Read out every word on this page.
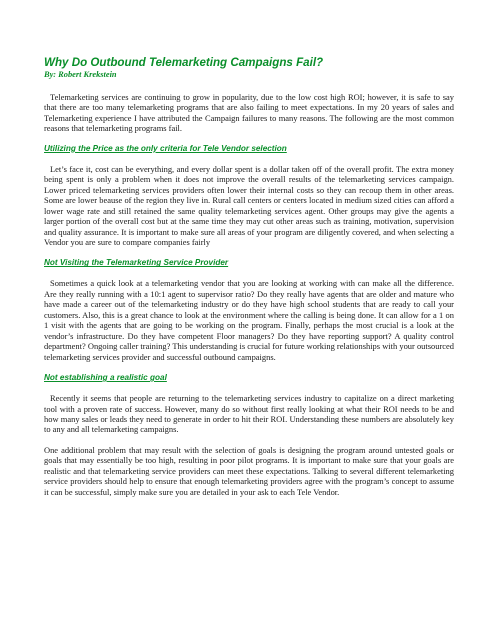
Why Do Outbound Telemarketing Campaigns Fail?
By: Robert Krekstein

Telemarketing services are continuing to grow in popularity, due to the low cost high ROI; however, it is safe to say that there are too many telemarketing programs that are also failing to meet expectations. In my 20 years of sales and Telemarketing experience I have attributed the Campaign failures to many reasons. The following are the most common reasons that telemarketing programs fail.

Utilizing the Price as the only criteria for Tele Vendor selection

Let’s face it, cost can be everything, and every dollar spent is a dollar taken off of the overall profit. The extra money being spent is only a problem when it does not improve the overall results of the telemarketing services campaign. Lower priced telemarketing services providers often lower their internal costs so they can recoup them in other areas. Some are lower beause of the region they live in. Rural call centers or centers located in medium sized cities can afford a lower wage rate and still retained the same quality telemarketing services agent. Other groups may give the agents a larger portion of the overall cost but at the same time they may cut other areas such as training, motivation, supervision and quality assurance. It is important to make sure all areas of your program are diligently covered, and when selecting a Vendor you are sure to compare companies fairly

Not Visiting the Telemarketing Service Provider

Sometimes a quick look at a telemarketing vendor that you are looking at working with can make all the difference. Are they really running with a 10:1 agent to supervisor ratio? Do they really have agents that are older and mature who have made a career out of the telemarketing industry or do they have high school students that are ready to call your customers. Also, this is a great chance to look at the environment where the calling is being done. It can allow for a 1 on 1 visit with the agents that are going to be working on the program. Finally, perhaps the most crucial is a look at the vendor’s infrastructure. Do they have competent Floor managers? Do they have reporting support? A quality control department? Ongoing caller training? This understanding is crucial for future working relationships with your outsourced telemarketing services provider and successful outbound campaigns.

Not establishing a realistic goal

Recently it seems that people are returning to the telemarketing services industry to capitalize on a direct marketing tool with a proven rate of success. However, many do so without first really looking at what their ROI needs to be and how many sales or leads they need to generate in order to hit their ROI. Understanding these numbers are absolutely key to any and all telemarketing campaigns.

One additional problem that may result with the selection of goals is designing the program around untested goals or goals that may essentially be too high, resulting in poor pilot programs. It is important to make sure that your goals are realistic and that telemarketing service providers can meet these expectations. Talking to several different telemarketing service providers should help to ensure that enough telemarketing providers agree with the program’s concept to assume it can be successful, simply make sure you are detailed in your ask to each Tele Vendor.
